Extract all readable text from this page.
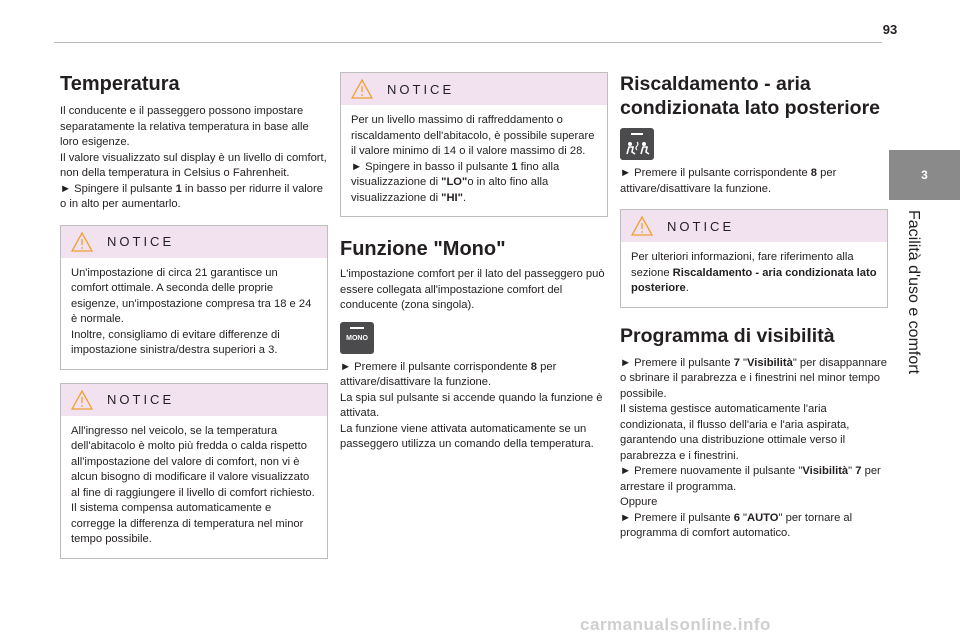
93
3
Facilità d'uso e comfort
Temperatura

Il conducente e il passeggero possono impostare separatamente la relativa temperatura in base alle loro esigenze.
Il valore visualizzato sul display è un livello di comfort, non della temperatura in Celsius o Fahrenheit.
► Spingere il pulsante 1 in basso per ridurre il valore o in alto per aumentarlo.

NOTICE
Un'impostazione di circa 21 garantisce un comfort ottimale. A seconda delle proprie esigenze, un'impostazione compresa tra 18 e 24 è normale.
Inoltre, consigliamo di evitare differenze di impostazione sinistra/destra superiori a 3.
NOTICE
All'ingresso nel veicolo, se la temperatura dell'abitacolo è molto più fredda o calda rispetto all'impostazione del valore di comfort, non vi è alcun bisogno di modificare il valore visualizzato al fine di raggiungere il livello di comfort richiesto. Il sistema compensa automaticamente e corregge la differenza di temperatura nel minor tempo possibile.
NOTICE
Per un livello massimo di raffreddamento o riscaldamento dell'abitacolo, è possibile superare il valore minimo di 14 o il valore massimo di 28.
► Spingere in basso il pulsante 1 fino alla visualizzazione di "LO"o in alto fino alla visualizzazione di "HI".
Funzione "Mono"

L'impostazione comfort per il lato del passeggero può essere collegata all'impostazione comfort del conducente (zona singola).

MONO

► Premere il pulsante corrispondente 8 per attivare/disattivare la funzione.
La spia sul pulsante si accende quando la funzione è attivata.
La funzione viene attivata automaticamente se un passeggero utilizza un comando della temperatura.

Riscaldamento - aria condizionata lato posteriore

► Premere il pulsante corrispondente 8 per attivare/disattivare la funzione.

NOTICE
Per ulteriori informazioni, fare riferimento alla sezione Riscaldamento - aria condizionata lato posteriore.
Programma di visibilità

► Premere il pulsante 7 "Visibilità" per disappannare o sbrinare il parabrezza e i finestrini nel minor tempo possibile.
Il sistema gestisce automaticamente l'aria condizionata, il flusso dell'aria e l'aria aspirata, garantendo una distribuzione ottimale verso il parabrezza e i finestrini.
► Premere nuovamente il pulsante "Visibilità" 7 per arrestare il programma.
Oppure
► Premere il pulsante 6 "AUTO" per tornare al programma di comfort automatico.

carmanualsonline.info
